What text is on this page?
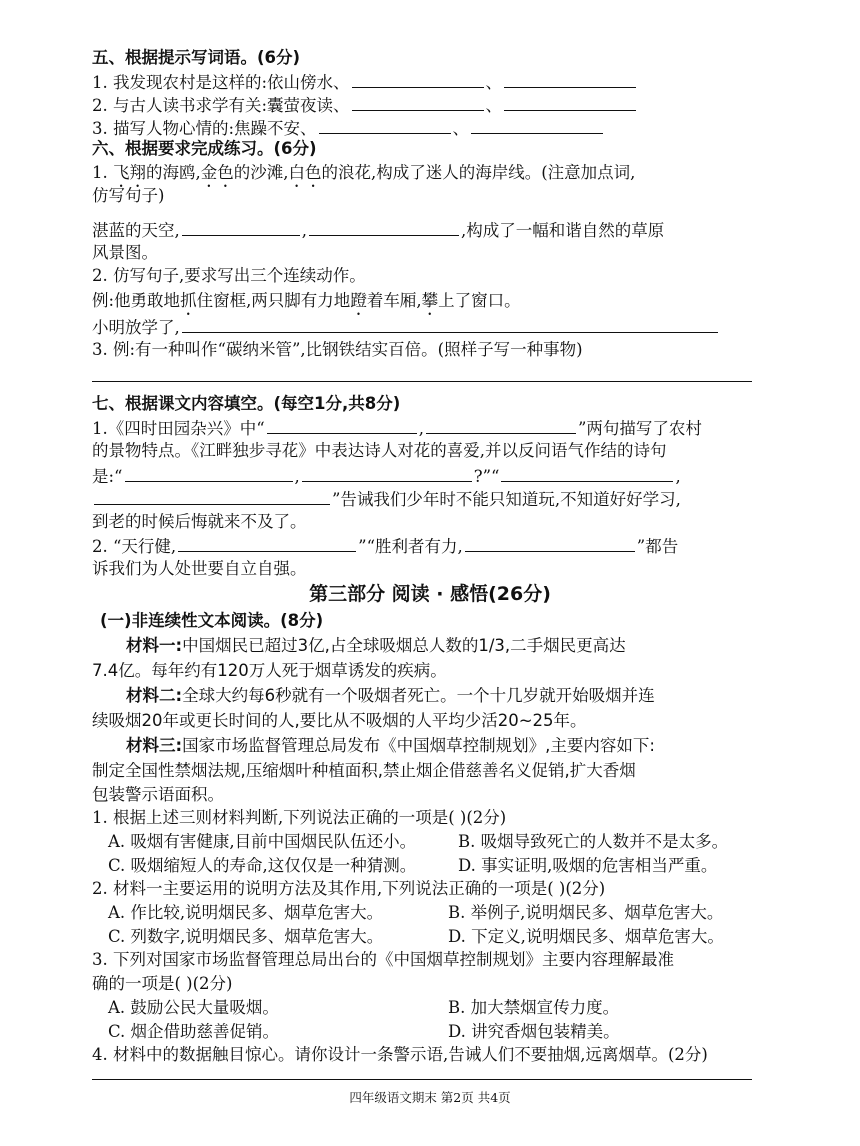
五、根据提示写词语。(6分)
1. 我发现农村是这样的:依山傍水、	、
2. 与古人读书求学有关:囊萤夜读、	、
3. 描写人物心情的:焦躁不安、	、
六、根据要求完成练习。(6分)
1. 飞翔的海鸥,金色的沙滩,白色的浪花,构成了迷人的海岸线。(注意加点词,
仿写句子)
湛蓝的天空,	,	,构成了一幅和谐自然的草原
风景图。
2. 仿写句子,要求写出三个连续动作。
例:他勇敢地抓住窗框,两只脚有力地蹬着车厢,攀上了窗口。
小明放学了,
3. 例:有一种叫作“碳纳米管”,比钢铁结实百倍。(照样子写一种事物)
七、根据课文内容填空。(每空1分,共8分)
1.《四时田园杂兴》中“	,	”两句描写了农村
的景物特点。《江畔独步寻花》中表达诗人对花的喜爱,并以反问语气作结的诗句
是:“	,	?”“	,
”告诫我们少年时不能只知道玩,不知道好好学习,
到老的时候后悔就来不及了。
2. “天行健,	”“胜利者有力,	”都告
诉我们为人处世要自立自强。
第三部分 阅读 · 感悟(26分)
(一)非连续性文本阅读。(8分)
材料一:中国烟民已超过3亿,占全球吸烟总人数的1/3,二手烟民更高达
7.4亿。每年约有120万人死于烟草诱发的疾病。
材料二:全球大约每6秒就有一个吸烟者死亡。一个十几岁就开始吸烟并连
续吸烟20年或更长时间的人,要比从不吸烟的人平均少活20~25年。
材料三:国家市场监督管理总局发布《中国烟草控制规划》,主要内容如下:
制定全国性禁烟法规,压缩烟叶种植面积,禁止烟企借慈善名义促销,扩大香烟
包装警示语面积。
1. 根据上述三则材料判断,下列说法正确的一项是( )(2分)
A. 吸烟有害健康,目前中国烟民队伍还小。	B. 吸烟导致死亡的人数并不是太多。
C. 吸烟缩短人的寿命,这仅仅是一种猜测。	D. 事实证明,吸烟的危害相当严重。
2. 材料一主要运用的说明方法及其作用,下列说法正确的一项是( )(2分)
A. 作比较,说明烟民多、烟草危害大。	B. 举例子,说明烟民多、烟草危害大。
C. 列数字,说明烟民多、烟草危害大。	D. 下定义,说明烟民多、烟草危害大。
3. 下列对国家市场监督管理总局出台的《中国烟草控制规划》主要内容理解最准
确的一项是( )(2分)
A. 鼓励公民大量吸烟。	B. 加大禁烟宣传力度。
C. 烟企借助慈善促销。	D. 讲究香烟包装精美。
4. 材料中的数据触目惊心。请你设计一条警示语,告诫人们不要抽烟,远离烟草。(2分)
四年级语文期末 第2页 共4页
